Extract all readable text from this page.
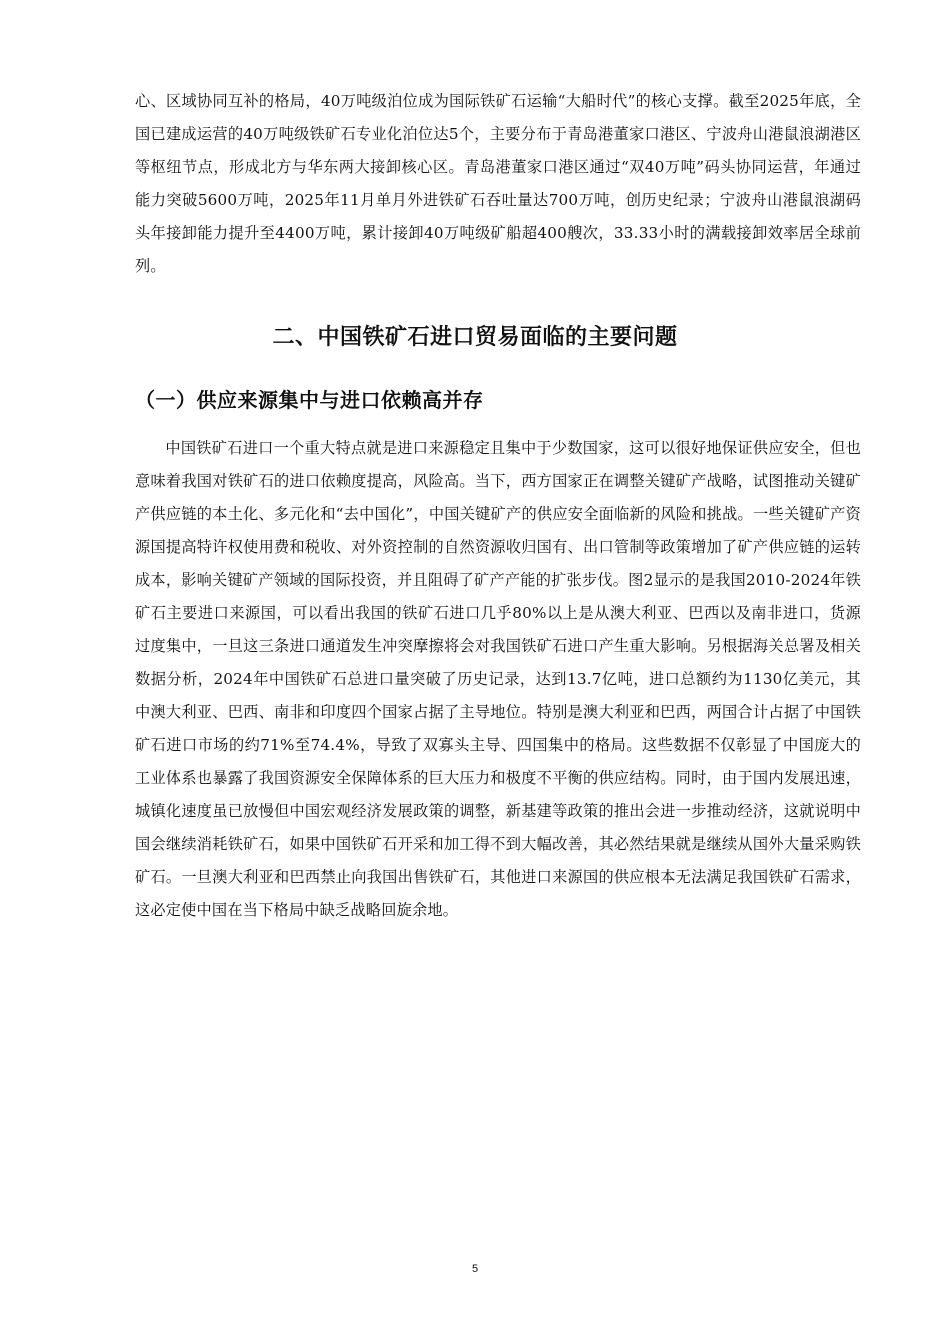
心、区域协同互补的格局，40万吨级泊位成为国际铁矿石运输“大船时代”的核心支撑。截至2025年底，全国已建成运营的40万吨级铁矿石专业化泊位达5个，主要分布于青岛港董家口港区、宁波舟山港鼠浪湖港区等枢纽节点，形成北方与华东两大接卸核心区。青岛港董家口港区通过“双40万吨”码头协同运营，年通过能力突破5600万吨，2025年11月单月外进铁矿石吞吐量达700万吨，创历史纪录；宁波舟山港鼠浪湖码头年接卸能力提升至4400万吨，累计接卸40万吨级矿船超400艘次，33.33小时的满载接卸效率居全球前列。

二、中国铁矿石进口贸易面临的主要问题
（一）供应来源集中与进口依赖高并存

中国铁矿石进口一个重大特点就是进口来源稳定且集中于少数国家，这可以很好地保证供应安全，但也意味着我国对铁矿石的进口依赖度提高，风险高。当下，西方国家正在调整关键矿产战略，试图推动关键矿产供应链的本土化、多元化和“去中国化”，中国关键矿产的供应安全面临新的风险和挑战。一些关键矿产资源国提高特许权使用费和税收、对外资控制的自然资源收归国有、出口管制等政策增加了矿产供应链的运转成本，影响关键矿产领域的国际投资，并且阻碍了矿产产能的扩张步伐。图2显示的是我国2010-2024年铁矿石主要进口来源国，可以看出我国的铁矿石进口几乎80%以上是从澳大利亚、巴西以及南非进口，货源过度集中，一旦这三条进口通道发生冲突摩擦将会对我国铁矿石进口产生重大影响。另根据海关总署及相关数据分析，2024年中国铁矿石总进口量突破了历史记录，达到13.7亿吨，进口总额约为1130亿美元，其中澳大利亚、巴西、南非和印度四个国家占据了主导地位。特别是澳大利亚和巴西，两国合计占据了中国铁矿石进口市场的约71%至74.4%，导致了双寡头主导、四国集中的格局。这些数据不仅彰显了中国庞大的工业体系也暴露了我国资源安全保障体系的巨大压力和极度不平衡的供应结构。同时，由于国内发展迅速，城镇化速度虽已放慢但中国宏观经济发展政策的调整，新基建等政策的推出会进一步推动经济，这就说明中国会继续消耗铁矿石，如果中国铁矿石开采和加工得不到大幅改善，其必然结果就是继续从国外大量采购铁矿石。一旦澳大利亚和巴西禁止向我国出售铁矿石，其他进口来源国的供应根本无法满足我国铁矿石需求，这必定使中国在当下格局中缺乏战略回旋余地。

5
